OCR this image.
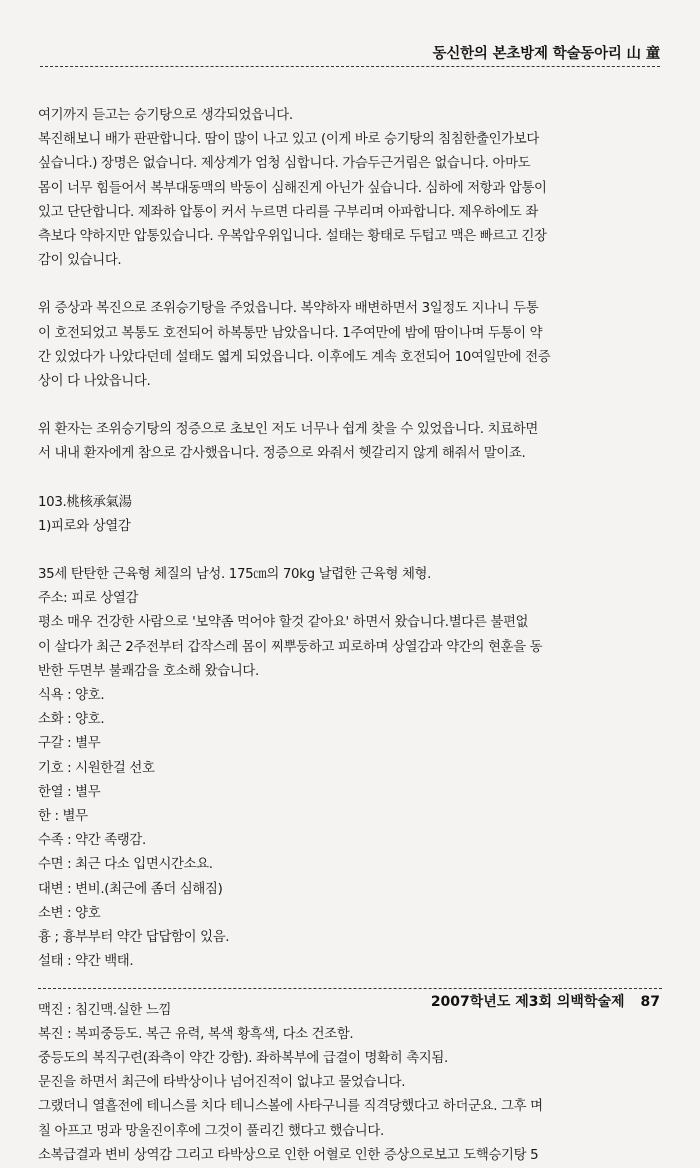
동신한의 본초방제 학술동아리 山 童

여기까지 듣고는 승기탕으로 생각되었읍니다.

복진해보니 배가 판판합니다. 땀이 많이 나고 있고 (이게 바로 승기탕의 침침한출인가보다

싶습니다.) 장명은 없습니다. 제상계가 엄청 심합니다. 가슴두근거림은 없습니다. 아마도

몸이 너무 힘들어서 복부대동맥의 박동이 심해진게 아닌가 싶습니다. 심하에 저항과 압통이

있고 단단합니다. 제좌하 압통이 커서 누르면 다리를 구부리며 아파합니다. 제우하에도 좌

측보다 약하지만 압통있습니다. 우복압우위입니다. 설태는 황태로 두텁고 맥은 빠르고 긴장

감이 있습니다.

위 증상과 복진으로 조위승기탕을 주었읍니다. 복약하자 배변하면서 3일정도 지나니 두통

이 호전되었고 복통도 호전되어 하복통만 남았읍니다. 1주여만에 밤에 땀이나며 두통이 약

간 있었다가 나았다던데 설태도 엷게 되었읍니다. 이후에도 계속 호전되어 10여일만에 전증

상이 다 나았읍니다.

위 환자는 조위승기탕의 정증으로 초보인 저도 너무나 쉽게 찾을 수 있었읍니다. 치료하면

서 내내 환자에게 참으로 감사했읍니다. 정증으로 와줘서 헷갈리지 않게 해줘서 말이죠.

103.桃核承氣湯

1)피로와 상열감

35세 탄탄한 근육형 체질의 남성. 175㎝의 70kg 날렵한 근육형 체형.

주소: 피로 상열감

평소 매우 건강한 사람으로 '보약좀 먹어야 할것 같아요' 하면서 왔습니다.별다른 불편없

이 살다가 최근 2주전부터 갑작스레 몸이 찌뿌둥하고 피로하며 상열감과 약간의 현훈을 동

반한 두면부 불쾌감을 호소해 왔습니다.

식욕 : 양호.

소화 : 양호.

구갈 : 별무

기호 : 시원한걸 선호

한열 : 별무

한 : 별무

수족 : 약간 족랭감.

수면 : 최근 다소 입면시간소요.

대변 : 변비.(최근에 좀더 심해짐)

소변 : 양호

흉 ; 흉부부터 약간 답답함이 있음.

설태 : 약간 백태.

맥진 : 침긴맥.실한 느낌

복진 : 복피중등도. 복근 유력, 복색 황흑색, 다소 건조함.

중등도의 복직구련(좌측이 약간 강함). 좌하복부에 급결이 명확히 촉지됨.

문진을 하면서 최근에 타박상이나 넘어진적이 없냐고 물었습니다.

그랬더니 열흘전에 테니스를 치다 테니스볼에 사타구니를 직격당했다고 하더군요. 그후 며

칠 아프고 멍과 망울진이후에 그것이 풀리긴 했다고 했습니다.

소복급결과 변비 상역감 그리고 타박상으로 인한 어혈로 인한 증상으로보고 도핵승기탕 5

2007학년도 제3회 의백학술제 87
